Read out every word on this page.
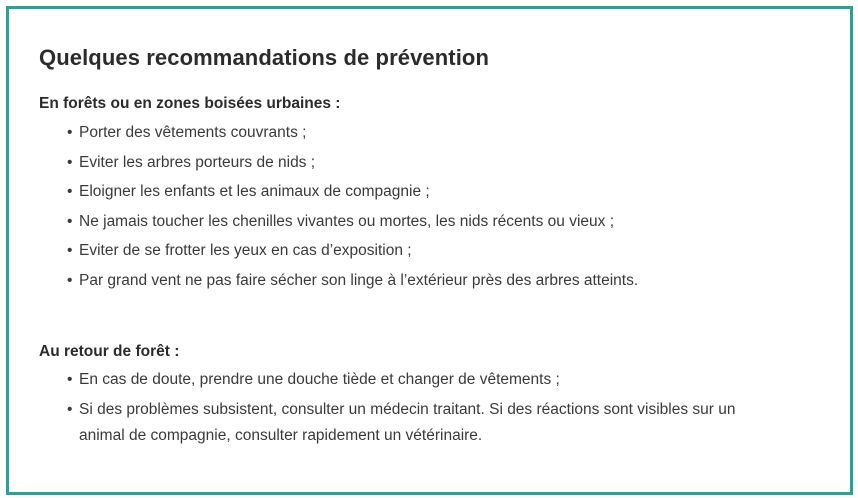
Quelques recommandations de prévention
En forêts ou en zones boisées urbaines :
• Porter des vêtements couvrants ;
• Eviter les arbres porteurs de nids ;
• Eloigner les enfants et les animaux de compagnie ;
• Ne jamais toucher les chenilles vivantes ou mortes, les nids récents ou vieux ;
• Eviter de se frotter les yeux en cas d’exposition ;
• Par grand vent ne pas faire sécher son linge à l’extérieur près des arbres atteints.
Au retour de forêt :
• En cas de doute, prendre une douche tiède et changer de vêtements ;
• Si des problèmes subsistent, consulter un médecin traitant. Si des réactions sont visibles sur un animal de compagnie, consulter rapidement un vétérinaire.
